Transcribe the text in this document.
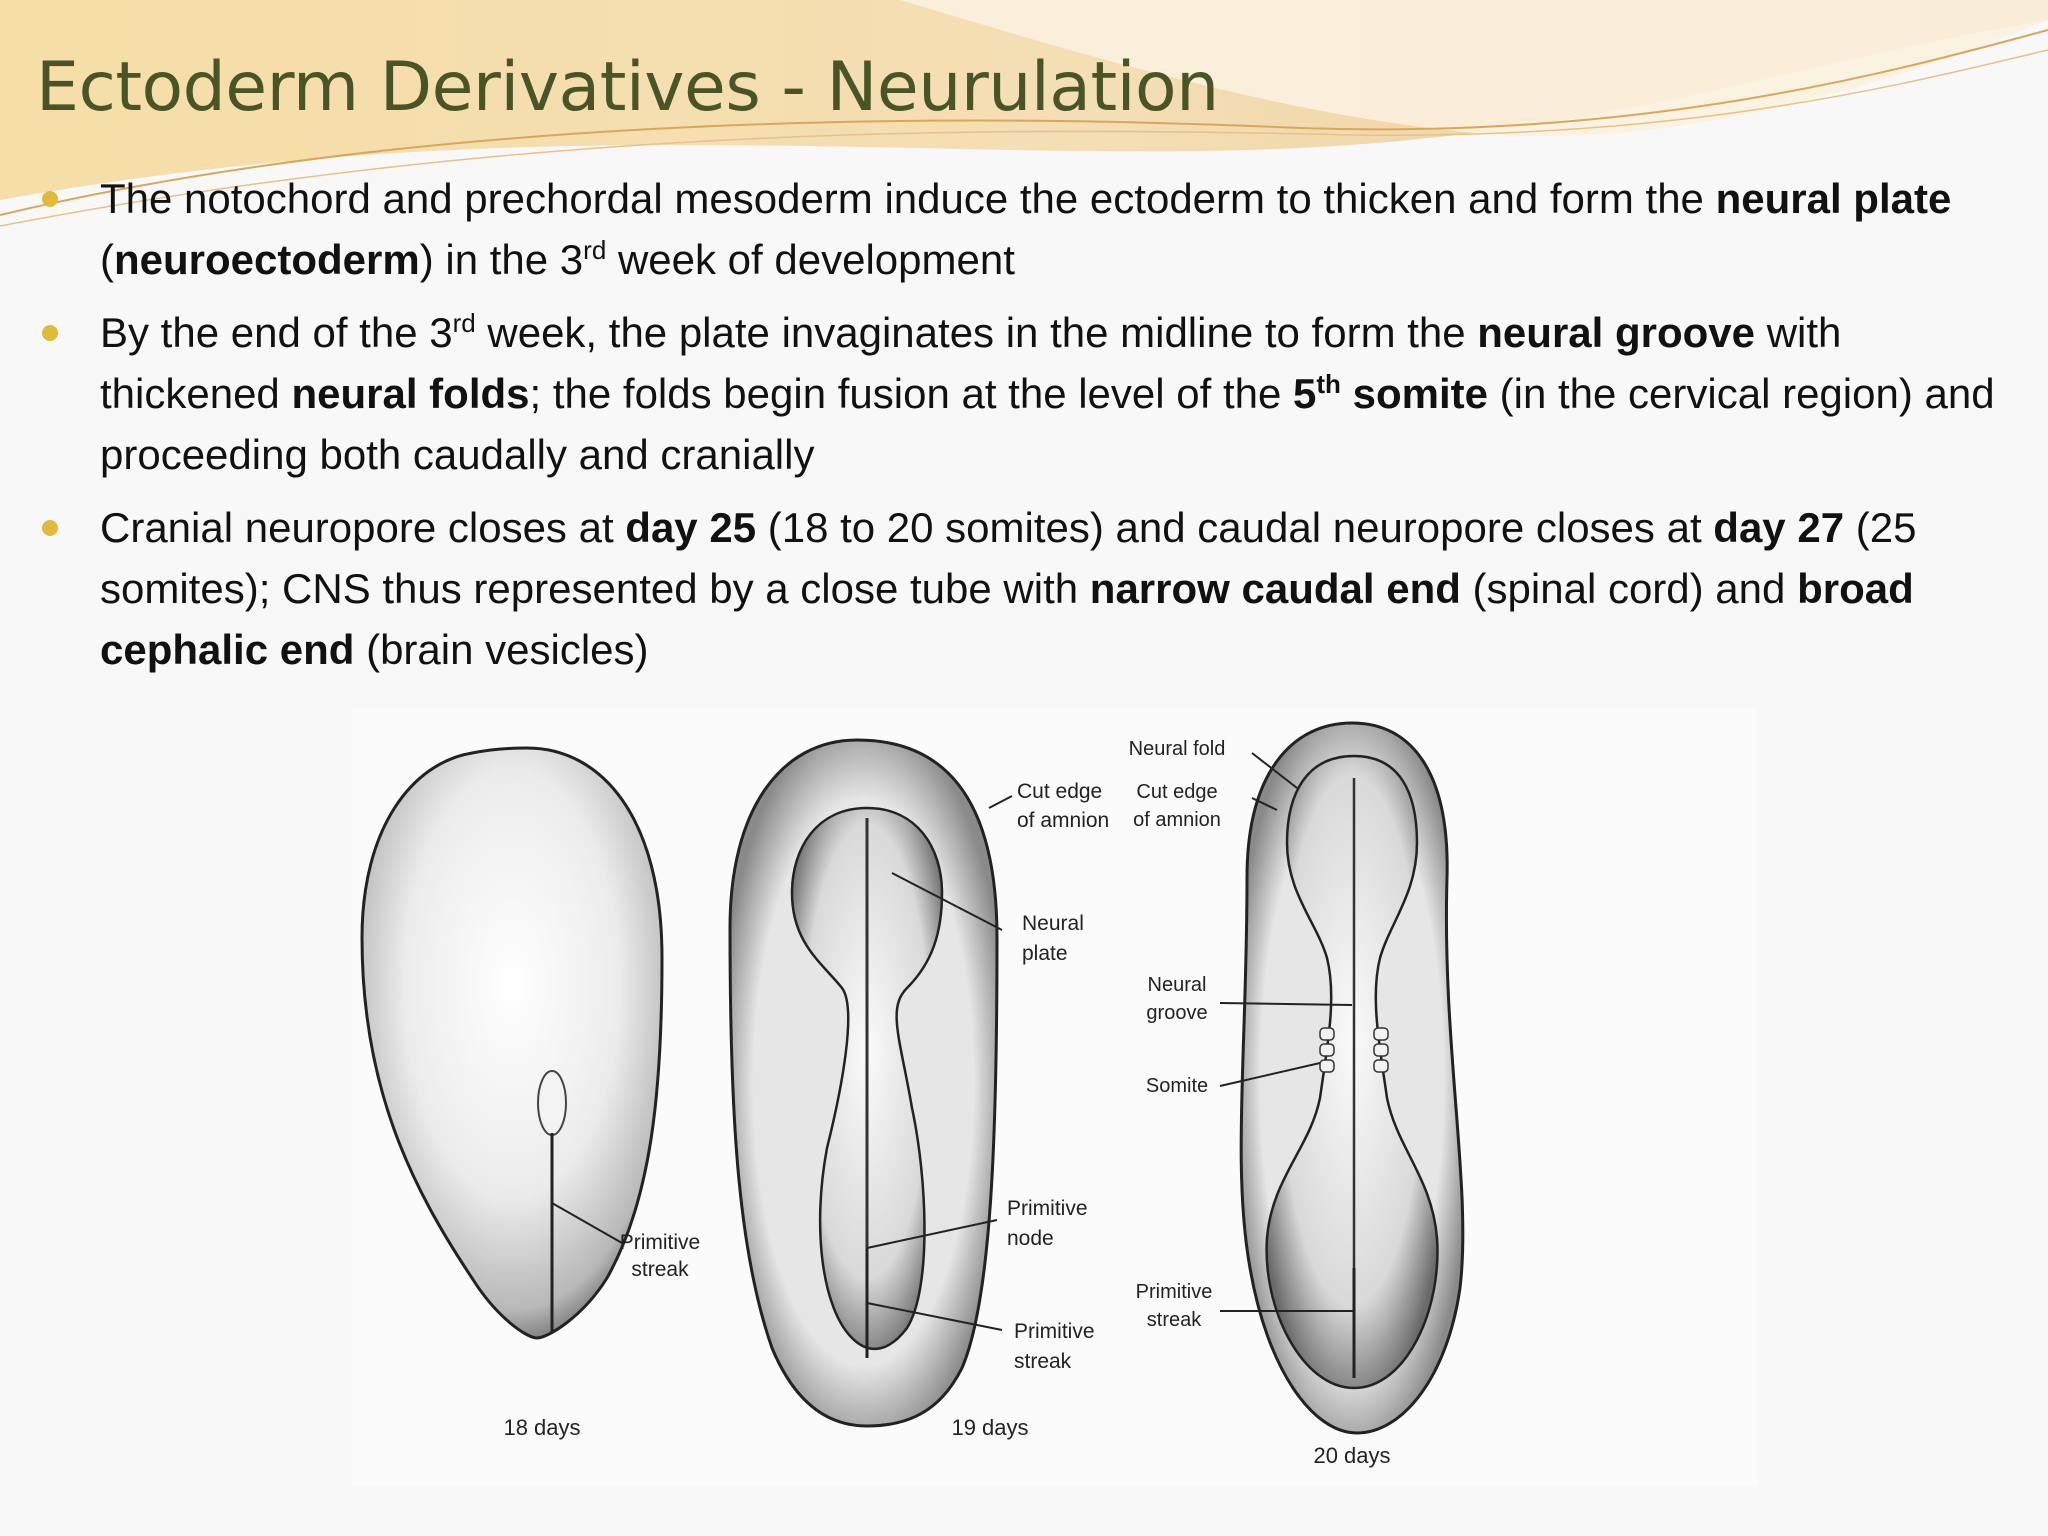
Ectoderm Derivatives - Neurulation
The notochord and prechordal mesoderm induce the ectoderm to thicken and form the neural plate (neuroectoderm) in the 3rd week of development
By the end of the 3rd week, the plate invaginates in the midline to form the neural groove with thickened neural folds; the folds begin fusion at the level of the 5th somite (in the cervical region) and proceeding both caudally and cranially
Cranial neuropore closes at day 25 (18 to 20 somites) and caudal neuropore closes at day 27 (25 somites); CNS thus represented by a close tube with narrow caudal end (spinal cord) and broad cephalic end (brain vesicles)
Primitive
streak
18 days
Cut edge
of amnion
Neural
plate
Primitive
node
Primitive
streak
19 days
Neural fold
Cut edge
of amnion
Neural
groove
Somite
Primitive
streak
20 days
